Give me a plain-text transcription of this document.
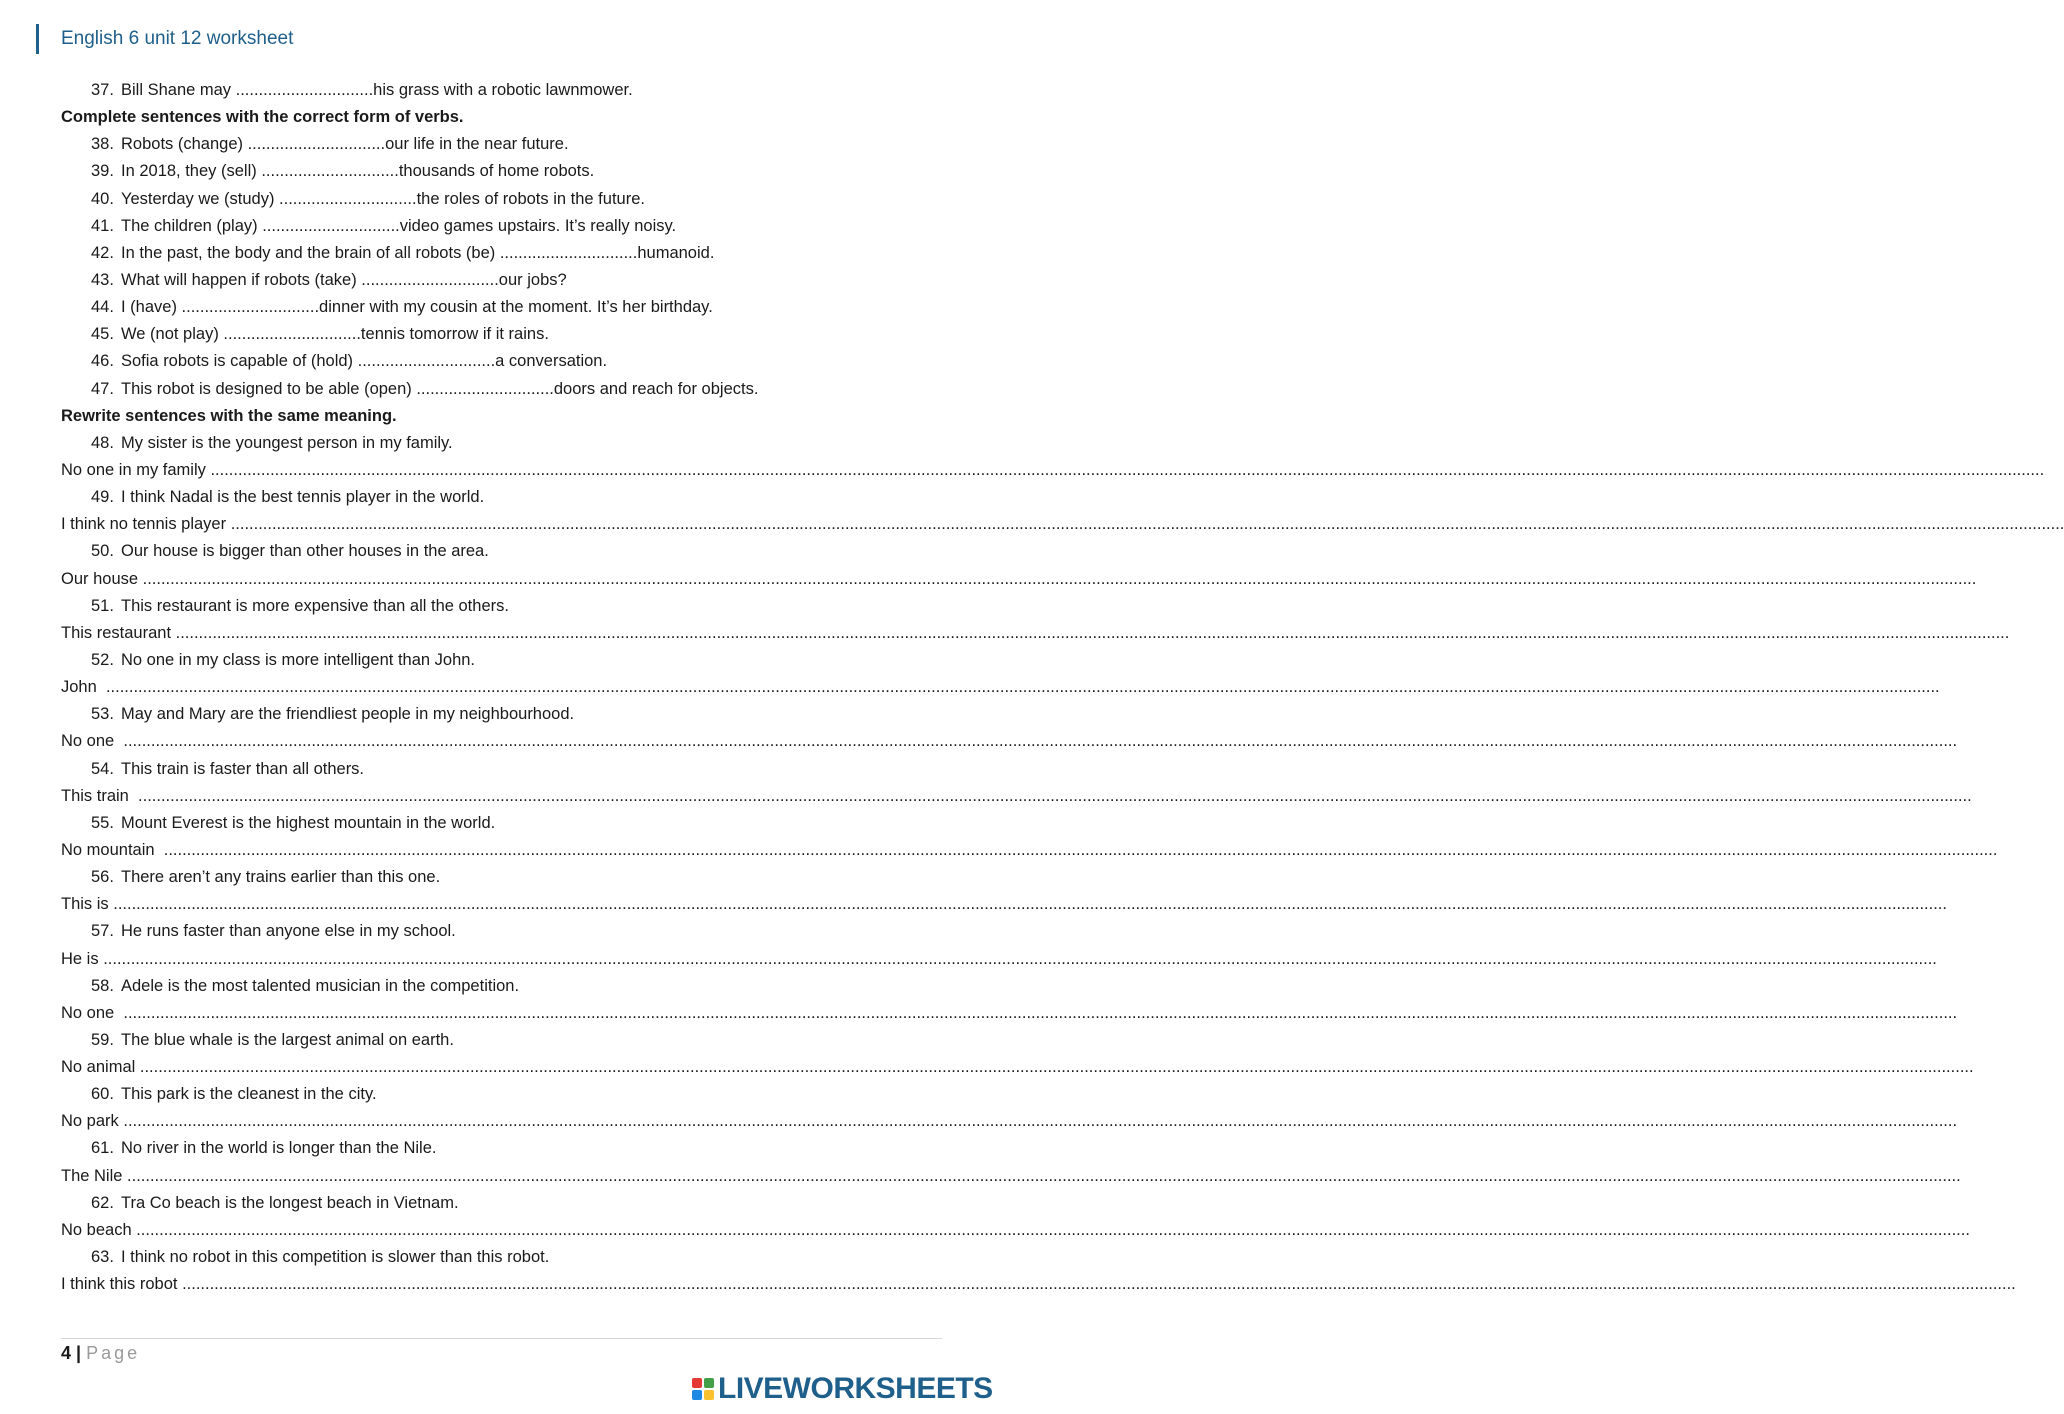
English 6 unit 12 worksheet
37. Bill Shane may ..............................his grass with a robotic lawnmower.
Complete sentences with the correct form of verbs.
38. Robots (change) ..............................our life in the near future.
39. In 2018, they (sell) ..............................thousands of home robots.
40. Yesterday we (study) ..............................the roles of robots in the future.
41. The children (play) ..............................video games upstairs. It’s really noisy.
42. In the past, the body and the brain of all robots (be) ..............................humanoid.
43. What will happen if robots (take) ..............................our jobs?
44. I (have) ..............................dinner with my cousin at the moment. It’s her birthday.
45. We (not play) ..............................tennis tomorrow if it rains.
46. Sofia robots is capable of (hold) ..............................a conversation.
47. This robot is designed to be able (open) ..............................doors and reach for objects.
Rewrite sentences with the same meaning.
48. My sister is the youngest person in my family.
No one in my family ................................................................................................................................................................................................................................................................................................................................................................................................................
49. I think Nadal is the best tennis player in the world.
I think no tennis player ................................................................................................................................................................................................................................................................................................................................................................................................................
50. Our house is bigger than other houses in the area.
Our house ................................................................................................................................................................................................................................................................................................................................................................................................................
51. This restaurant is more expensive than all the others.
This restaurant ................................................................................................................................................................................................................................................................................................................................................................................................................
52. No one in my class is more intelligent than John.
John ................................................................................................................................................................................................................................................................................................................................................................................................................
53. May and Mary are the friendliest people in my neighbourhood.
No one ................................................................................................................................................................................................................................................................................................................................................................................................................
54. This train is faster than all others.
This train ................................................................................................................................................................................................................................................................................................................................................................................................................
55. Mount Everest is the highest mountain in the world.
No mountain ................................................................................................................................................................................................................................................................................................................................................................................................................
56. There aren’t any trains earlier than this one.
This is ................................................................................................................................................................................................................................................................................................................................................................................................................
57. He runs faster than anyone else in my school.
He is ................................................................................................................................................................................................................................................................................................................................................................................................................
58. Adele is the most talented musician in the competition.
No one ................................................................................................................................................................................................................................................................................................................................................................................................................
59. The blue whale is the largest animal on earth.
No animal ................................................................................................................................................................................................................................................................................................................................................................................................................
60. This park is the cleanest in the city.
No park ................................................................................................................................................................................................................................................................................................................................................................................................................
61. No river in the world is longer than the Nile.
The Nile ................................................................................................................................................................................................................................................................................................................................................................................................................
62. Tra Co beach is the longest beach in Vietnam.
No beach ................................................................................................................................................................................................................................................................................................................................................................................................................
63. I think no robot in this competition is slower than this robot.
I think this robot ................................................................................................................................................................................................................................................................................................................................................................................................................
4 | Page
LIVEWORKSHEETS
